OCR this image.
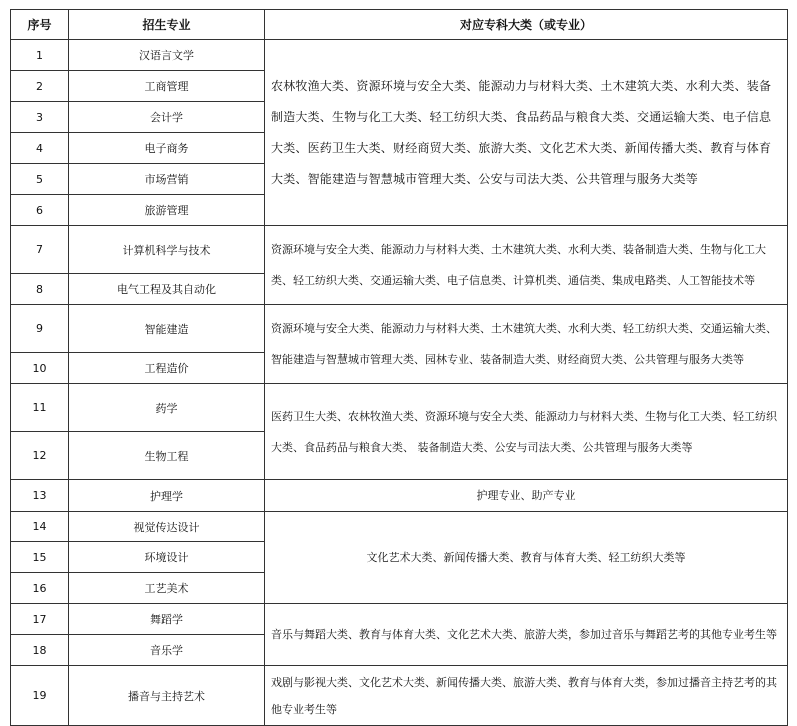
序号	招生专业	对应专科大类（或专业）
1	汉语言文学	农林牧渔大类、资源环境与安全大类、能源动力与材料大类、土木建筑大类、水利大类、装备制造大类、生物与化工大类、轻工纺织大类、食品药品与粮食大类、交通运输大类、电子信息大类、医药卫生大类、财经商贸大类、旅游大类、文化艺术大类、新闻传播大类、教育与体育大类、智能建造与智慧城市管理大类、公安与司法大类、公共管理与服务大类等
2	工商管理	
3	会计学	
4	电子商务	
5	市场营销	
6	旅游管理	
7	计算机科学与技术	资源环境与安全大类、能源动力与材料大类、土木建筑大类、水利大类、装备制造大类、生物与化工大类、轻工纺织大类、交通运输大类、电子信息类、计算机类、通信类、集成电路类、人工智能技术等
8	电气工程及其自动化	
9	智能建造	资源环境与安全大类、能源动力与材料大类、土木建筑大类、水利大类、轻工纺织大类、交通运输大类、智能建造与智慧城市管理大类、园林专业、装备制造大类、财经商贸大类、公共管理与服务大类等
10	工程造价	
11	药学	医药卫生大类、农林牧渔大类、资源环境与安全大类、能源动力与材料大类、生物与化工大类、轻工纺织大类、食品药品与粮食大类、 装备制造大类、公安与司法大类、公共管理与服务大类等
12	生物工程	
13	护理学	护理专业、助产专业
14	视觉传达设计	文化艺术大类、新闻传播大类、教育与体育大类、轻工纺织大类等
15	环境设计	
16	工艺美术	
17	舞蹈学	音乐与舞蹈大类、教育与体育大类、文化艺术大类、旅游大类，参加过音乐与舞蹈艺考的其他专业考生等
18	音乐学	
19	播音与主持艺术	戏剧与影视大类、文化艺术大类、新闻传播大类、旅游大类、教育与体育大类，参加过播音主持艺考的其他专业考生等
